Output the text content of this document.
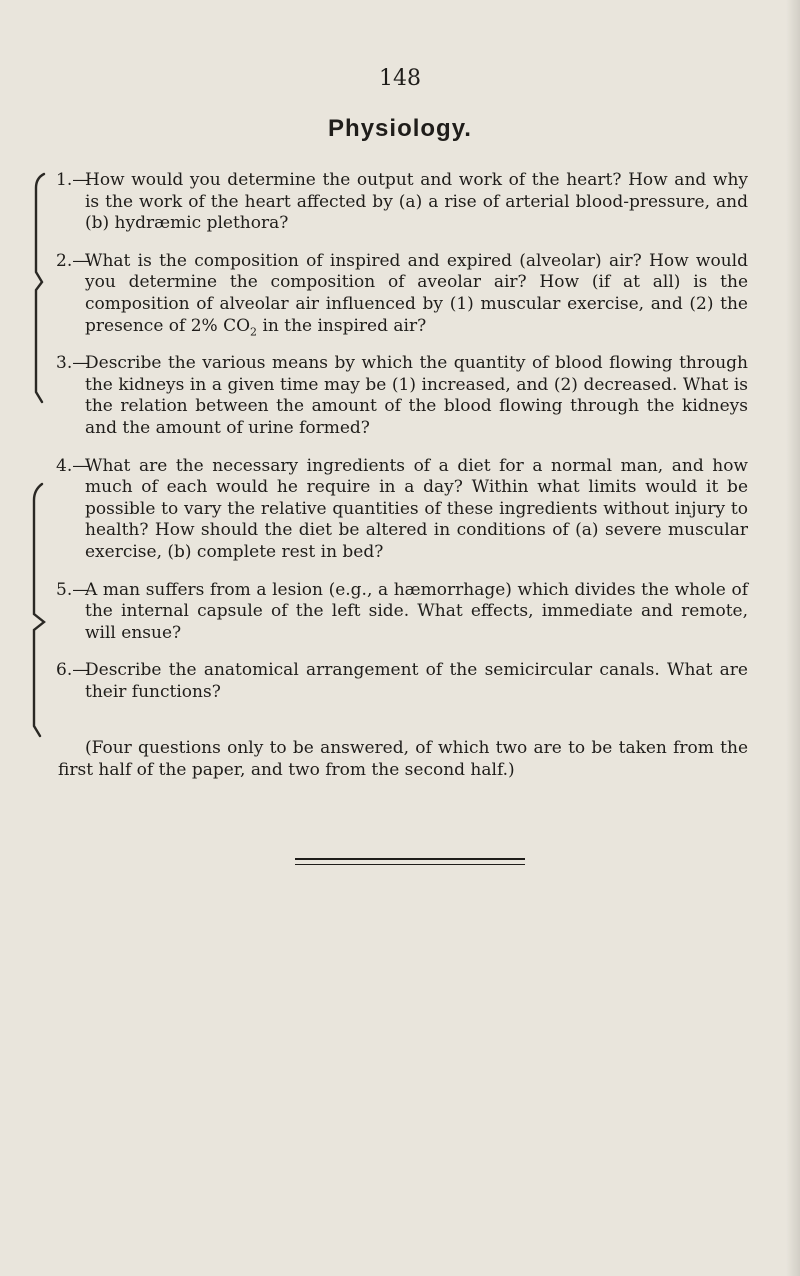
148
Physiology.
1.—
How would you determine the output and work of the heart? How and why is the work of the heart affected by (a) a rise of arterial blood-pressure, and (b) hydræmic plethora?
2.—
What is the composition of inspired and expired (alveolar) air? How would you determine the composition of aveolar air? How (if at all) is the composition of alveolar air influenced by (1) muscular exercise, and (2) the presence of 2% $CO_2$ in the inspired air?
3.—
Describe the various means by which the quantity of blood flowing through the kidneys in a given time may be (1) increased, and (2) decreased. What is the relation between the amount of the blood flowing through the kidneys and the amount of urine formed?
4.—
What are the necessary ingredients of a diet for a normal man, and how much of each would he require in a day? Within what limits would it be possible to vary the relative quantities of these ingredients without injury to health? How should the diet be altered in conditions of (a) severe muscular exercise, (b) complete rest in bed?
5.—
A man suffers from a lesion (e.g., a hæmorrhage) which divides the whole of the internal capsule of the left side. What effects, immediate and remote, will ensue?
6.—
Describe the anatomical arrangement of the semicircular canals. What are their functions?
(Four questions only to be answered, of which two are to be taken from the first half of the paper, and two from the second half.)
